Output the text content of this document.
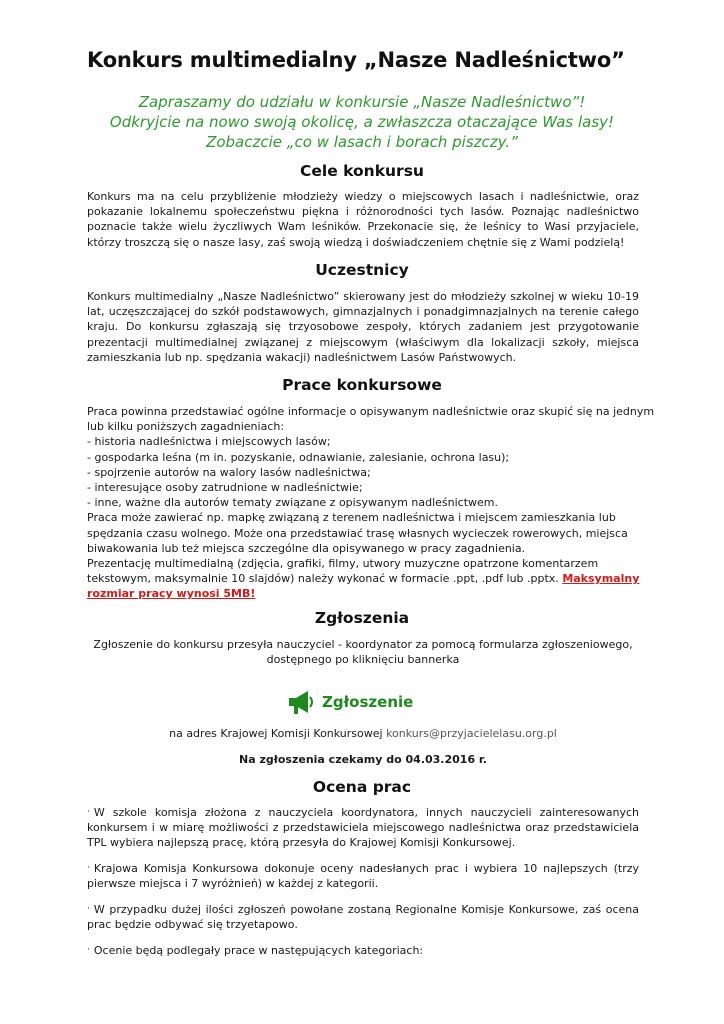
Konkurs multimedialny „Nasze Nadleśnictwo”
Zapraszamy do udziału w konkursie „Nasze Nadleśnictwo”!
Odkryjcie na nowo swoją okolicę, a zwłaszcza otaczające Was lasy!
Zobaczcie „co w lasach i borach piszczy.”
Cele konkursu

Konkurs ma na celu przybliżenie młodzieży wiedzy o miejscowych lasach i nadleśnictwie, oraz pokazanie lokalnemu społeczeństwu piękna i różnorodności tych lasów. Poznając nadleśnictwo poznacie także wielu życzliwych Wam leśników. Przekonacie się, że leśnicy to Wasi przyjaciele, którzy troszczą się o nasze lasy, zaś swoją wiedzą i doświadczeniem chętnie się z Wami podzielą!

Uczestnicy

Konkurs multimedialny „Nasze Nadleśnictwo” skierowany jest do młodzieży szkolnej w wieku 10-19 lat, uczęszczającej do szkół podstawowych, gimnazjalnych i ponadgimnazjalnych na terenie całego kraju. Do konkursu zgłaszają się trzyosobowe zespoły, których zadaniem jest przygotowanie prezentacji multimedialnej związanej z miejscowym (właściwym dla lokalizacji szkoły, miejsca zamieszkania lub np. spędzania wakacji) nadleśnictwem Lasów Państwowych.

Prace konkursowe
Praca powinna przedstawiać ogólne informacje o opisywanym nadleśnictwie oraz skupić się na jednym
lub kilku poniższych zagadnieniach:
- historia nadleśnictwa i miejscowych lasów;
- gospodarka leśna (m in. pozyskanie, odnawianie, zalesianie, ochrona lasu);
- spojrzenie autorów na walory lasów nadleśnictwa;
- interesujące osoby zatrudnione w nadleśnictwie;
- inne, ważne dla autorów tematy związane z opisywanym nadleśnictwem.
Praca może zawierać np. mapkę związaną z terenem nadleśnictwa i miejscem zamieszkania lub
spędzania czasu wolnego. Może ona przedstawiać trasę własnych wycieczek rowerowych, miejsca
biwakowania lub też miejsca szczególne dla opisywanego w pracy zagadnienia.
Prezentację multimedialną (zdjęcia, grafiki, filmy, utwory muzyczne opatrzone komentarzem
tekstowym, maksymalnie 10 slajdów) należy wykonać w formacie .ppt, .pdf lub .pptx. Maksymalny
rozmiar pracy wynosi 5MB!
Zgłoszenia
Zgłoszenie do konkursu przesyła nauczyciel - koordynator za pomocą formularza zgłoszeniowego,
dostępnego po kliknięciu bannerka
Zgłoszenie
na adres Krajowej Komisji Konkursowej konkurs@przyjacielelasu.org.pl
Na zgłoszenia czekamy do 04.03.2016 r.
Ocena prac
· W szkole komisja złożona z nauczyciela koordynatora, innych nauczycieli zainteresowanych konkursem i w miarę możliwości z przedstawiciela miejscowego nadleśnictwa oraz przedstawiciela TPL wybiera najlepszą pracę, którą przesyła do Krajowej Komisji Konkursowej.
· Krajowa Komisja Konkursowa dokonuje oceny nadesłanych prac i wybiera 10 najlepszych (trzy pierwsze miejsca i 7 wyróżnień) w każdej z kategorii.
· W przypadku dużej ilości zgłoszeń powołane zostaną Regionalne Komisje Konkursowe, zaś ocena prac będzie odbywać się trzyetapowo.
· Ocenie będą podlegały prace w następujących kategoriach:
